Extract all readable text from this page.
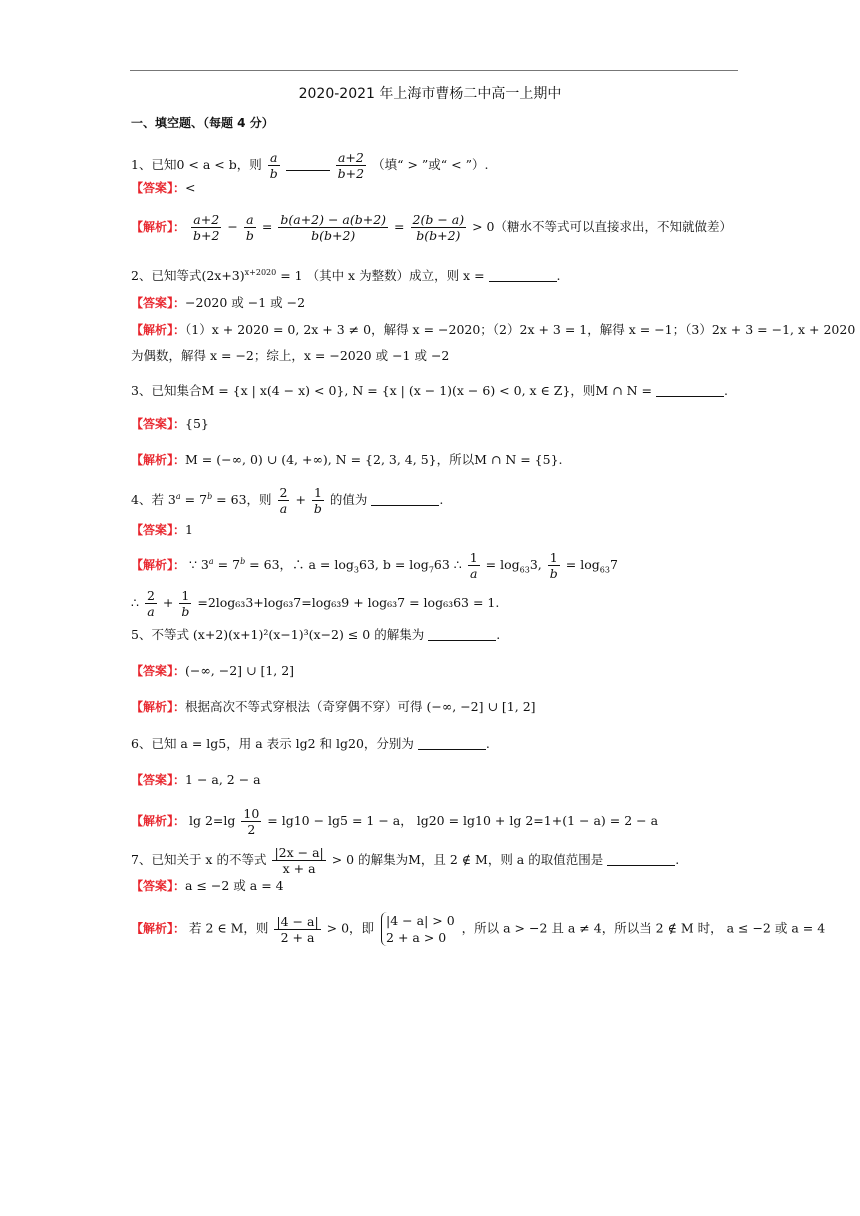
2020-2021 年上海市曹杨二中高一上期中
一、填空题、（每题 4 分）
1、已知0 < a < b，则 $\frac{a}{b}$
	$\frac{a+2}{b+2}$ （填“ > ”或“ < ”）.
【答案】：<
【解析】： $\frac{a+2}{b+2} - \frac{a}{b} = \frac{b(a+2) - a(b+2)}{b(b+2)} = \frac{2(b - a)}{b(b+2)} > 0$（糖水不等式可以直接求出，不知就做差）
2、已知等式$(2x+3)^{x+2020} = 1$ （其中 x 为整数）成立，则 x =	.
【答案】：−2020 或 −1 或 −2
【解析】：（1）x + 2020 = 0, 2x + 3 ≠ 0，解得 x = −2020；（2）2x + 3 = 1，解得 x = −1；（3）2x + 3 = −1, x + 2020
为偶数，解得 x = −2；综上，x = −2020 或 −1 或 −2
3、已知集合M = {x | x(4 − x) < 0}, N = {x | (x − 1)(x − 6) < 0, x ∈ Z}，则M ∩ N =	.
【答案】：{5}
【解析】：M = (−∞, 0) ∪ (4, +∞), N = {2, 3, 4, 5}，所以M ∩ N = {5}.
4、若 $3^a = 7^b = 63$，则 $\frac{2}{a} + \frac{1}{b}$ 的值为	.
【答案】：1
【解析】： ∵ $3^a = 7^b = 63$，∴ $a = \log_363$, $b = \log_763$ ∴ $\frac{1}{a} = \log_{63}3$, $\frac{1}{b} = \log_{63}7$
∴ $\frac{2}{a} + \frac{1}{b} =2\log_{63}3+\log_{63}7=\log_{63}9 + \log_{63}7 = \log_{63}63 = 1$.
5、不等式 (x+2)(x+1)²(x−1)³(x−2) ≤ 0 的解集为	.
【答案】：(−∞, −2] ∪ [1, 2]
【解析】：根据高次不等式穿根法（奇穿偶不穿）可得 (−∞, −2] ∪ [1, 2]
6、已知 a = lg5，用 a 表示 lg2 和 lg20，分别为	.
【答案】：1 − a, 2 − a
【解析】： $\lg 2=\lg \frac{10}{2} = \lg 10 - \lg 5 = 1 - a$， lg20 = lg10 + lg 2=1+(1 − a) = 2 − a
7、已知关于 x 的不等式 $\frac{|2x - a|}{x + a} > 0$ 的解集为M，且 2 ∉ M，则 a 的取值范围是	.
【答案】：a ≤ −2 或 a = 4
【解析】： 若 2 ∈ M，则 $\frac{|4 - a|}{2 + a} > 0$，即 |4 − a| > 0
2 + a > 0
，所以 a > −2 且 a ≠ 4，所以当 2 ∉ M 时， a ≤ −2 或 a = 4
